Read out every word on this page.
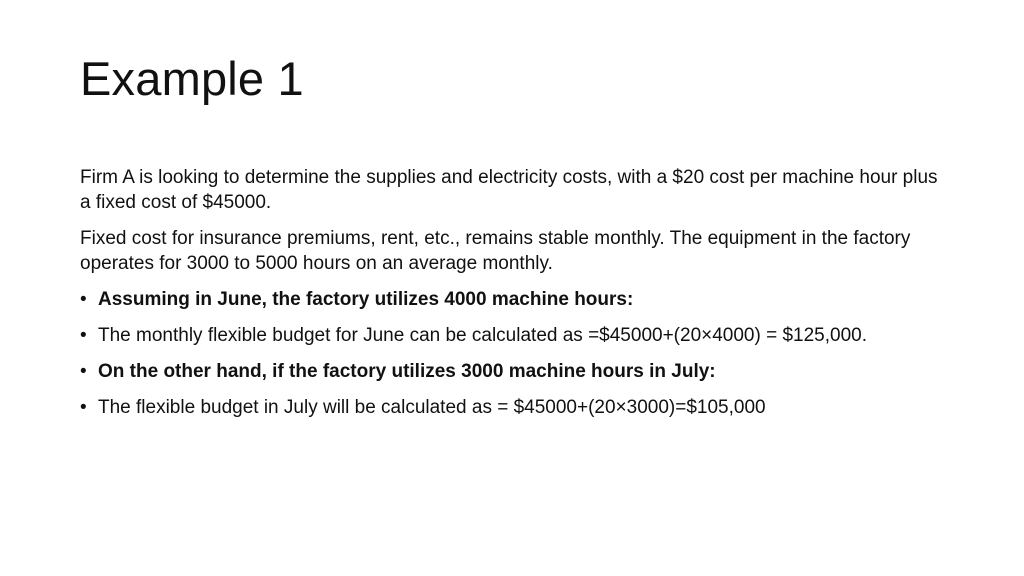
Example 1

Firm A is looking to determine the supplies and electricity costs, with a $20 cost per machine hour plus a fixed cost of $45000.

Fixed cost for insurance premiums, rent, etc., remains stable monthly. The equipment in the factory operates for 3000 to 5000 hours on an average monthly.

• Assuming in June, the factory utilizes 4000 machine hours:
• The monthly flexible budget for June can be calculated as =$45000+(20×4000) = $125,000.
• On the other hand, if the factory utilizes 3000 machine hours in July:
• The flexible budget in July will be calculated as = $45000+(20×3000)=$105,000
